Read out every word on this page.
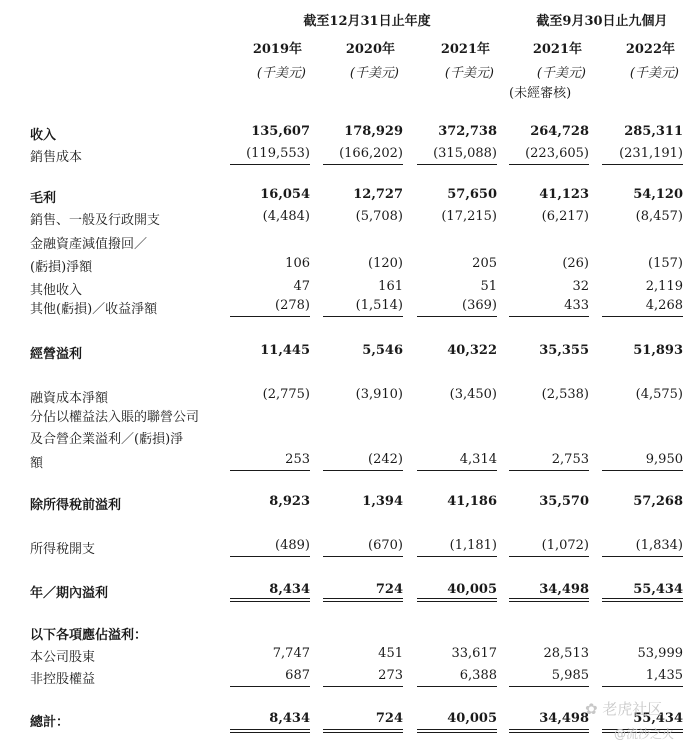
截至12月31日止年度	截至9月30日止九個月
2019年	2020年	2021年	2021年	2022年
(千美元)	(千美元)	(千美元)	(千美元)	(千美元)
(未經審核)
收入	135,607	178,929	372,738	264,728	285,311
銷售成本	(119,553)	(166,202)	(315,088)	(223,605)	(231,191)
毛利	16,054	12,727	57,650	41,123	54,120
銷售、一般及行政開支	(4,484)	(5,708)	(17,215)	(6,217)	(8,457)
金融資產減值撥回／
(虧損)淨額	106	(120)	205	(26)	(157)
其他收入	47	161	51	32	2,119
其他(虧損)／收益淨額	(278)	(1,514)	(369)	433	4,268
經營溢利	11,445	5,546	40,322	35,355	51,893
融資成本淨額	(2,775)	(3,910)	(3,450)	(2,538)	(4,575)
分佔以權益法入賬的聯營公司
及合營企業溢利／(虧損)淨
額	253	(242)	4,314	2,753	9,950
除所得稅前溢利	8,923	1,394	41,186	35,570	57,268
所得稅開支	(489)	(670)	(1,181)	(1,072)	(1,834)
年／期內溢利	8,434	724	40,005	34,498	55,434
以下各項應佔溢利：
本公司股東	7,747	451	33,617	28,513	53,999
非控股權益	687	273	6,388	5,985	1,435
總計：	8,434	724	40,005	34,498	55,434
✿ 老虎社区
@流沙之火
